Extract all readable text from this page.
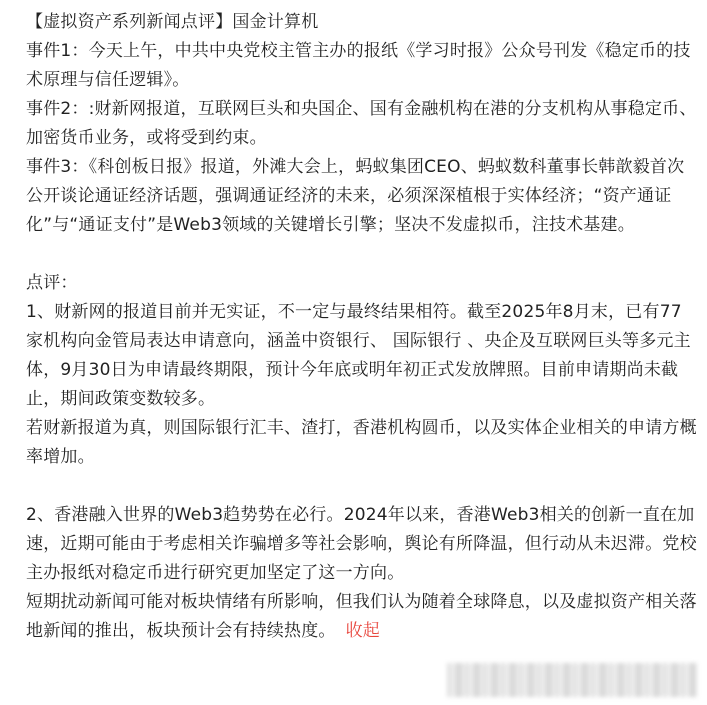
【虚拟资产系列新闻点评】国金计算机

事件1：今天上午，中共中央党校主管主办的报纸《学习时报》公众号刊发《稳定币的技术原理与信任逻辑》。

事件2：:财新网报道，互联网巨头和央国企、国有金融机构在港的分支机构从事稳定币、加密货币业务，或将受到约束。

事件3：《科创板日报》报道，外滩大会上，蚂蚁集团CEO、蚂蚁数科董事长韩歆毅首次公开谈论通证经济话题，强调通证经济的未来，必须深深植根于实体经济；“资产通证化”与“通证支付”是Web3领域的关键增长引擎；坚决不发虚拟币，注技术基建。

点评：

1、财新网的报道目前并无实证，不一定与最终结果相符。截至2025年8月末，已有77家机构向金管局表达申请意向，涵盖中资银行、 国际银行 、央企及互联网巨头等多元主体，9月30日为申请最终期限，预计今年底或明年初正式发放牌照。目前申请期尚未截止，期间政策变数较多。

若财新报道为真，则国际银行汇丰、渣打，香港机构圆币，以及实体企业相关的申请方概率增加。

2、香港融入世界的Web3趋势势在必行。2024年以来，香港Web3相关的创新一直在加速，近期可能由于考虑相关诈骗增多等社会影响，舆论有所降温，但行动从未迟滞。党校主办报纸对稳定币进行研究更加坚定了这一方向。

短期扰动新闻可能对板块情绪有所影响，但我们认为随着全球降息，以及虚拟资产相关落地新闻的推出，板块预计会有持续热度。 收起
